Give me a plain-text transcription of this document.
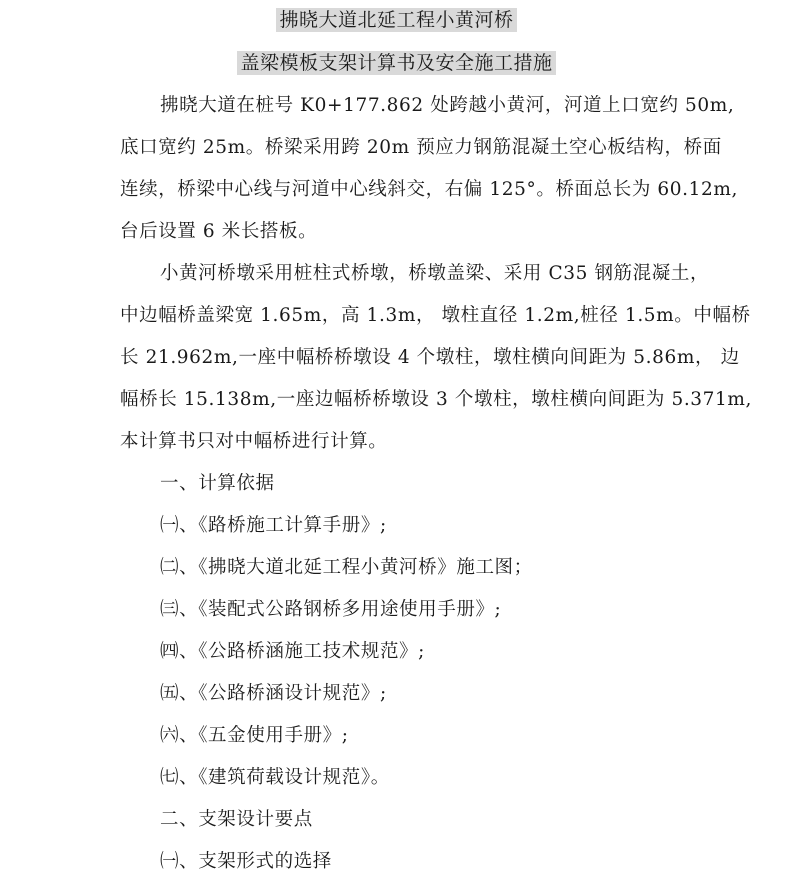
拂晓大道北延工程小黄河桥
盖梁模板支架计算书及安全施工措施
拂晓大道在桩号 K0+177.862 处跨越小黄河，河道上口宽约 50m,
底口宽约 25m。桥梁采用跨 20m 预应力钢筋混凝土空心板结构，桥面
连续，桥梁中心线与河道中心线斜交，右偏 125°。桥面总长为 60.12m,
台后设置 6 米长搭板。
小黄河桥墩采用桩柱式桥墩，桥墩盖梁、采用 C35 钢筋混凝土，
中边幅桥盖梁宽 1.65m，高 1.3m， 墩柱直径 1.2m,桩径 1.5m。中幅桥
长 21.962m,一座中幅桥桥墩设 4 个墩柱，墩柱横向间距为 5.86m， 边
幅桥长 15.138m,一座边幅桥桥墩设 3 个墩柱，墩柱横向间距为 5.371m,
本计算书只对中幅桥进行计算。
一、计算依据
㈠、《路桥施工计算手册》;
㈡、《拂晓大道北延工程小黄河桥》施工图；
㈢、《装配式公路钢桥多用途使用手册》;
㈣、《公路桥涵施工技术规范》;
㈤、《公路桥涵设计规范》;
㈥、《五金使用手册》;
㈦、《建筑荷载设计规范》。
二、支架设计要点
㈠、支架形式的选择
